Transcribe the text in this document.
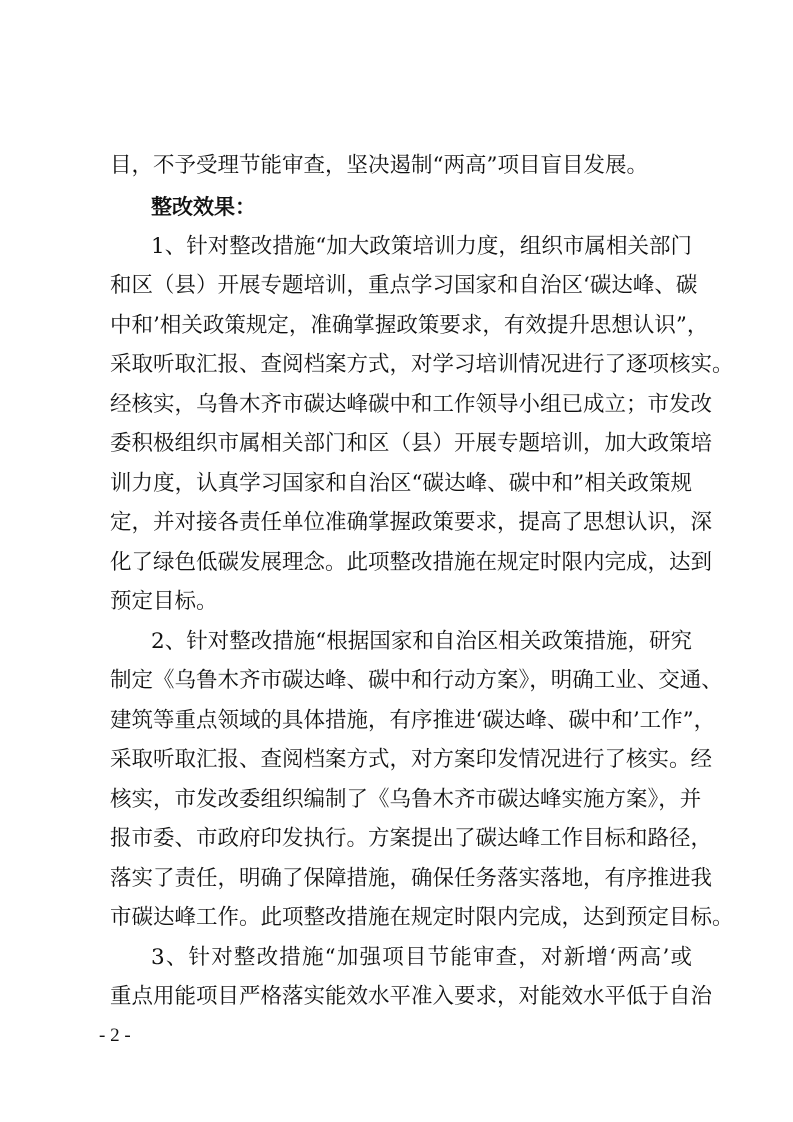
目，不予受理节能审查，坚决遏制“两高”项目盲目发展。
整改效果：
1、针对整改措施“加大政策培训力度，组织市属相关部门
和区（县）开展专题培训，重点学习国家和自治区‘碳达峰、碳
中和’相关政策规定，准确掌握政策要求，有效提升思想认识”，
采取听取汇报、查阅档案方式，对学习培训情况进行了逐项核实。
经核实，乌鲁木齐市碳达峰碳中和工作领导小组已成立；市发改
委积极组织市属相关部门和区（县）开展专题培训，加大政策培
训力度，认真学习国家和自治区“碳达峰、碳中和”相关政策规
定，并对接各责任单位准确掌握政策要求，提高了思想认识，深
化了绿色低碳发展理念。此项整改措施在规定时限内完成，达到
预定目标。
2、针对整改措施“根据国家和自治区相关政策措施，研究
制定《乌鲁木齐市碳达峰、碳中和行动方案》，明确工业、交通、
建筑等重点领域的具体措施，有序推进‘碳达峰、碳中和’工作”，
采取听取汇报、查阅档案方式，对方案印发情况进行了核实。经
核实，市发改委组织编制了《乌鲁木齐市碳达峰实施方案》，并
报市委、市政府印发执行。方案提出了碳达峰工作目标和路径，
落实了责任，明确了保障措施，确保任务落实落地，有序推进我
市碳达峰工作。此项整改措施在规定时限内完成，达到预定目标。
3、针对整改措施“加强项目节能审查，对新增‘两高’或
重点用能项目严格落实能效水平准入要求，对能效水平低于自治
- 2 -
